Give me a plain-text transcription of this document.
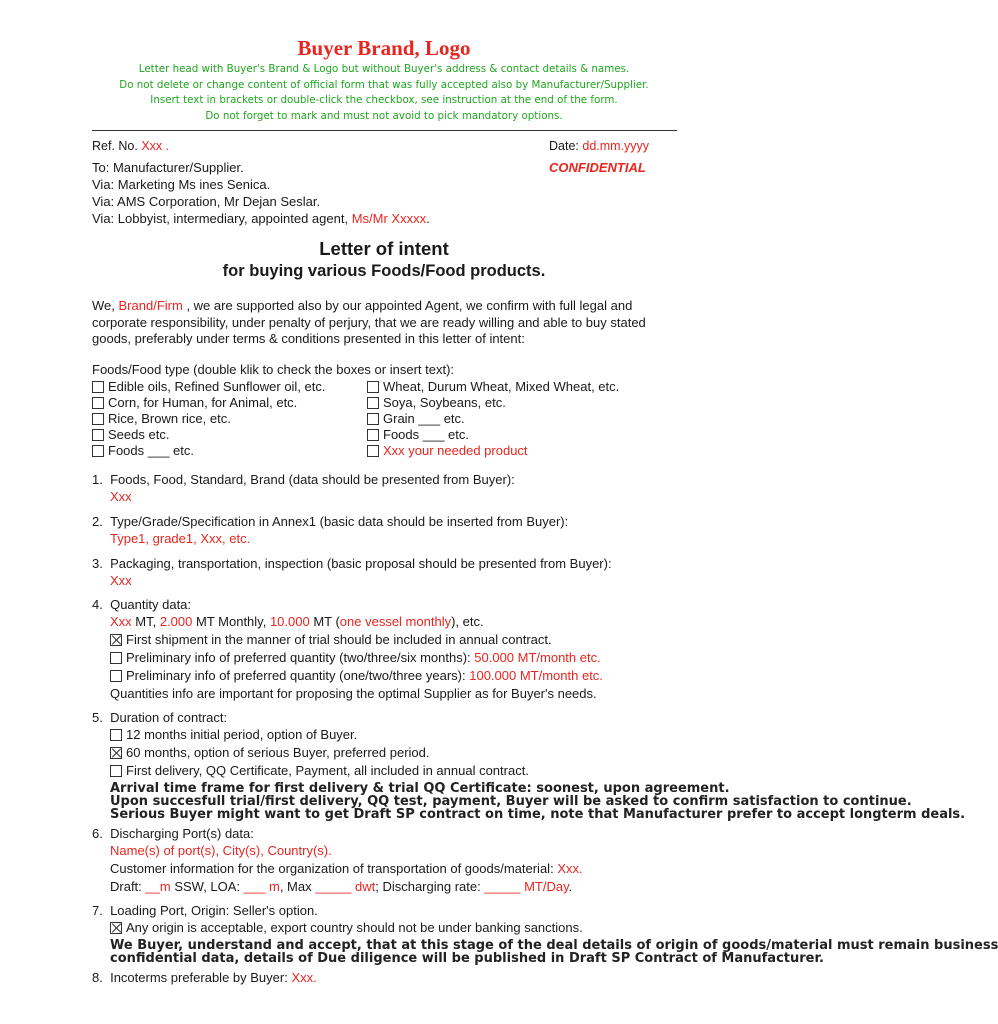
Buyer Brand, Logo
Letter head with Buyer's Brand & Logo but without Buyer's address & contact details & names.
Do not delete or change content of official form that was fully accepted also by Manufacturer/Supplier.
Insert text in brackets or double-click the checkbox, see instruction at the end of the form.
Do not forget to mark and must not avoid to pick mandatory options.
Ref. No. Xxx .	Date: dd.mm.yyyy
CONFIDENTIAL
To: Manufacturer/Supplier.
Via: Marketing Ms ines Senica.
Via: AMS Corporation, Mr Dejan Seslar.
Via: Lobbyist, intermediary, appointed agent, Ms/Mr Xxxxx.
Letter of intent
for buying various Foods/Food products.
We, Brand/Firm , we are supported also by our appointed Agent, we confirm with full legal and corporate responsibility, under penalty of perjury, that we are ready willing and able to buy stated goods, preferably under terms & conditions presented in this letter of intent:
Foods/Food type (double klik to check the boxes or insert text):
Edible oils, Refined Sunflower oil, etc.
Corn, for Human, for Animal, etc.
Rice, Brown rice, etc.
Seeds etc.
Foods ___ etc.
Wheat, Durum Wheat, Mixed Wheat, etc.
Soya, Soybeans, etc.
Grain ___ etc.
Foods ___ etc.
Xxx your needed product
1. Foods, Food, Standard, Brand (data should be presented from Buyer):
Xxx
2. Type/Grade/Specification in Annex1 (basic data should be inserted from Buyer):
Type1, grade1, Xxx, etc.
3. Packaging, transportation, inspection (basic proposal should be presented from Buyer):
Xxx
4. Quantity data:
Xxx MT, 2.000 MT Monthly, 10.000 MT (one vessel monthly), etc.
First shipment in the manner of trial should be included in annual contract.
Preliminary info of preferred quantity (two/three/six months): 50.000 MT/month etc.
Preliminary info of preferred quantity (one/two/three years): 100.000 MT/month etc.
Quantities info are important for proposing the optimal Supplier as for Buyer's needs.
5. Duration of contract:
12 months initial period, option of Buyer.
60 months, option of serious Buyer, preferred period.
First delivery, QQ Certificate, Payment, all included in annual contract.
Arrival time frame for first delivery & trial QQ Certificate: soonest, upon agreement.
Upon succesfull trial/first delivery, QQ test, payment, Buyer will be asked to confirm satisfaction to continue.
Serious Buyer might want to get Draft SP contract on time, note that Manufacturer prefer to accept longterm deals.
6. Discharging Port(s) data:
Name(s) of port(s), City(s), Country(s).
Customer information for the organization of transportation of goods/material: Xxx.
Draft: __m SSW, LOA: ___ m, Max _____ dwt; Discharging rate: _____ MT/Day.
7. Loading Port, Origin: Seller's option.
Any origin is acceptable, export country should not be under banking sanctions.
We Buyer, understand and accept, that at this stage of the deal details of origin of goods/material must remain business
confidential data, details of Due diligence will be published in Draft SP Contract of Manufacturer.
8. Incoterms preferable by Buyer: Xxx.
